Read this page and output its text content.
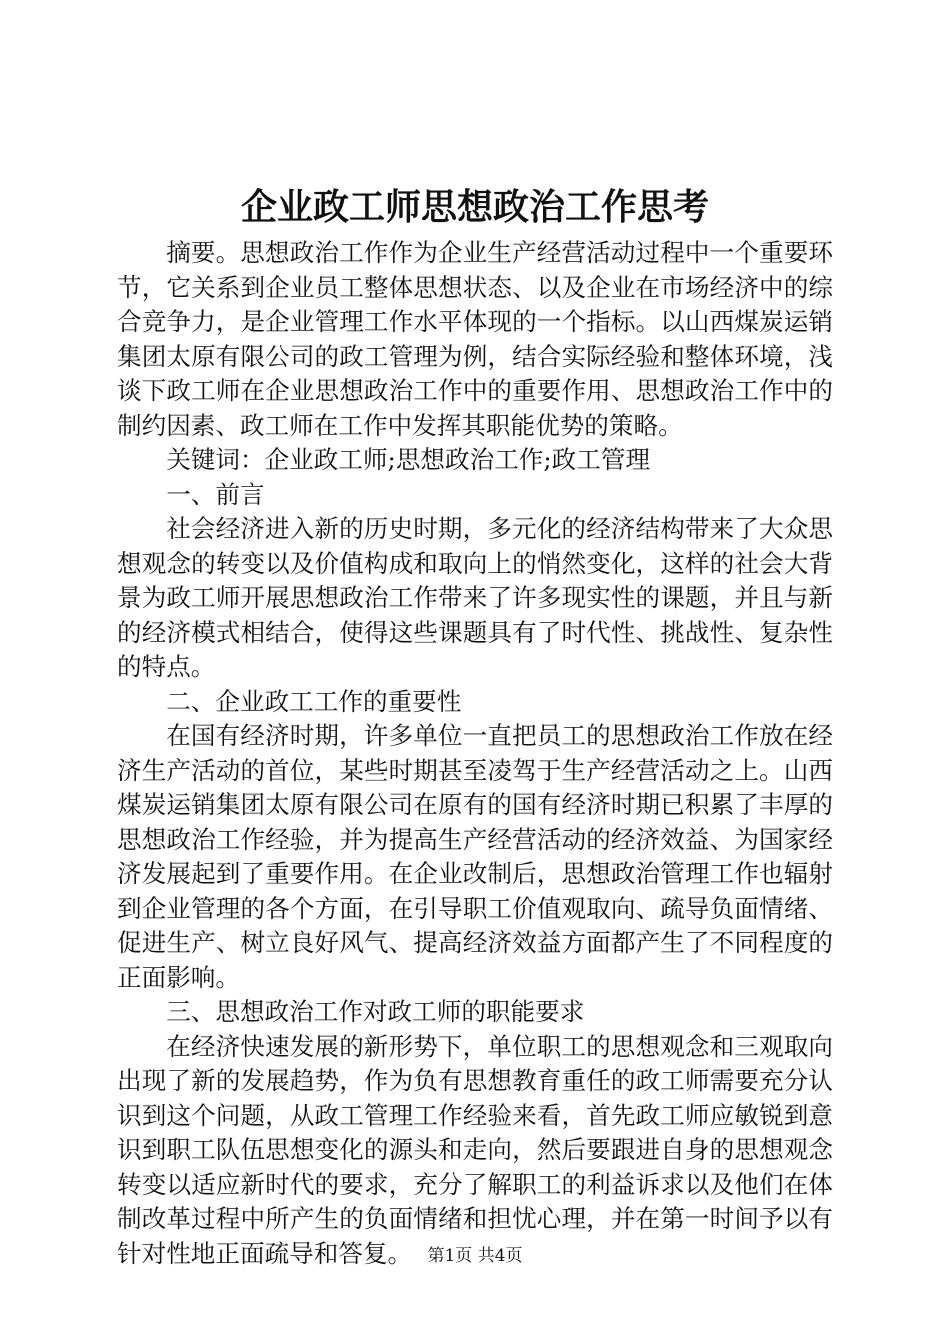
企业政工师思想政治工作思考

摘要。思想政治工作作为企业生产经营活动过程中一个重要环节，它关系到企业员工整体思想状态、以及企业在市场经济中的综合竞争力，是企业管理工作水平体现的一个指标。以山西煤炭运销集团太原有限公司的政工管理为例，结合实际经验和整体环境，浅谈下政工师在企业思想政治工作中的重要作用、思想政治工作中的制约因素、政工师在工作中发挥其职能优势的策略。

关键词：企业政工师;思想政治工作;政工管理

一、前言

社会经济进入新的历史时期，多元化的经济结构带来了大众思想观念的转变以及价值构成和取向上的悄然变化，这样的社会大背景为政工师开展思想政治工作带来了许多现实性的课题，并且与新的经济模式相结合，使得这些课题具有了时代性、挑战性、复杂性的特点。

二、企业政工工作的重要性

在国有经济时期，许多单位一直把员工的思想政治工作放在经济生产活动的首位，某些时期甚至凌驾于生产经营活动之上。山西煤炭运销集团太原有限公司在原有的国有经济时期已积累了丰厚的思想政治工作经验，并为提高生产经营活动的经济效益、为国家经济发展起到了重要作用。在企业改制后，思想政治管理工作也辐射到企业管理的各个方面，在引导职工价值观取向、疏导负面情绪、促进生产、树立良好风气、提高经济效益方面都产生了不同程度的正面影响。

三、思想政治工作对政工师的职能要求

在经济快速发展的新形势下，单位职工的思想观念和三观取向出现了新的发展趋势，作为负有思想教育重任的政工师需要充分认识到这个问题，从政工管理工作经验来看，首先政工师应敏锐到意识到职工队伍思想变化的源头和走向，然后要跟进自身的思想观念转变以适应新时代的要求，充分了解职工的利益诉求以及他们在体制改革过程中所产生的负面情绪和担忧心理，并在第一时间予以有针对性地正面疏导和答复。 第1页 共4页
